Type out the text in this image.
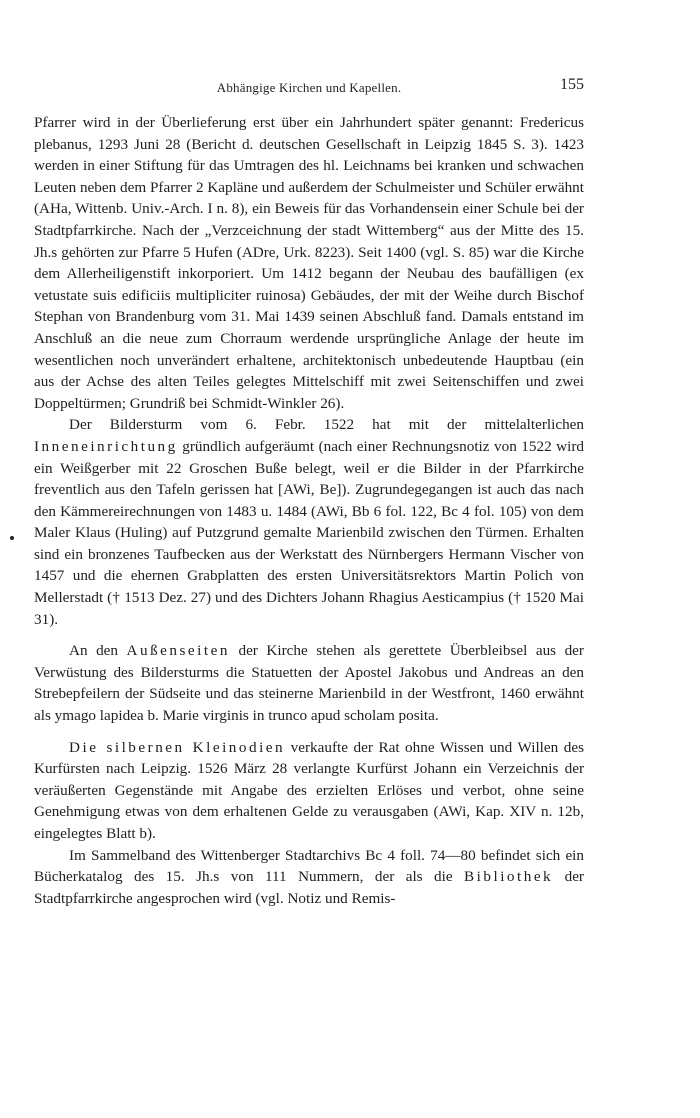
Abhängige Kirchen und Kapellen.	155

Pfarrer wird in der Überlieferung erst über ein Jahrhundert später genannt: Fredericus plebanus, 1293 Juni 28 (Bericht d. deutschen Gesellschaft in Leipzig 1845 S. 3). 1423 werden in einer Stiftung für das Umtragen des hl. Leichnams bei kranken und schwachen Leuten neben dem Pfarrer 2 Kapläne und außerdem der Schulmeister und Schüler erwähnt (AHa, Wittenb. Univ.-Arch. I n. 8), ein Beweis für das Vorhandensein einer Schule bei der Stadtpfarrkirche. Nach der „Verzceichnung der stadt Wittemberg“ aus der Mitte des 15. Jh.s gehörten zur Pfarre 5 Hufen (ADre, Urk. 8223). Seit 1400 (vgl. S. 85) war die Kirche dem Allerheiligenstift inkorporiert. Um 1412 begann der Neubau des baufälligen (ex vetustate suis edificiis multipliciter ruinosa) Gebäudes, der mit der Weihe durch Bischof Stephan von Brandenburg vom 31. Mai 1439 seinen Abschluß fand. Damals entstand im Anschluß an die neue zum Chorraum werdende ursprüngliche Anlage der heute im wesentlichen noch unverändert erhaltene, architektonisch unbedeutende Hauptbau (ein aus der Achse des alten Teiles gelegtes Mittelschiff mit zwei Seitenschiffen und zwei Doppeltürmen; Grundriß bei Schmidt-Winkler 26).

Der Bildersturm vom 6. Febr. 1522 hat mit der mittelalterlichen Inneneinrichtung gründlich aufgeräumt (nach einer Rechnungsnotiz von 1522 wird ein Weißgerber mit 22 Groschen Buße belegt, weil er die Bilder in der Pfarrkirche freventlich aus den Tafeln gerissen hat [AWi, Be]). Zugrundegegangen ist auch das nach den Kämmereirechnungen von 1483 u. 1484 (AWi, Bb 6 fol. 122, Bc 4 fol. 105) von dem Maler Klaus (Huling) auf Putzgrund gemalte Marienbild zwischen den Türmen. Erhalten sind ein bronzenes Taufbecken aus der Werkstatt des Nürnbergers Hermann Vischer von 1457 und die ehernen Grabplatten des ersten Universitätsrektors Martin Polich von Mellerstadt († 1513 Dez. 27) und des Dichters Johann Rhagius Aesticampius († 1520 Mai 31).

An den Außenseiten der Kirche stehen als gerettete Überbleibsel aus der Verwüstung des Bildersturms die Statuetten der Apostel Jakobus und Andreas an den Strebepfeilern der Südseite und das steinerne Marienbild in der Westfront, 1460 erwähnt als ymago lapidea b. Marie virginis in trunco apud scholam posita.

Die silbernen Kleinodien verkaufte der Rat ohne Wissen und Willen des Kurfürsten nach Leipzig. 1526 März 28 verlangte Kurfürst Johann ein Verzeichnis der veräußerten Gegenstände mit Angabe des erzielten Erlöses und verbot, ohne seine Genehmigung etwas von dem erhaltenen Gelde zu verausgaben (AWi, Kap. XIV n. 12b, eingelegtes Blatt b).

Im Sammelband des Wittenberger Stadtarchivs Bc 4 foll. 74—80 befindet sich ein Bücherkatalog des 15. Jh.s von 111 Nummern, der als die Bibliothek der Stadtpfarrkirche angesprochen wird (vgl. Notiz und Remis-
